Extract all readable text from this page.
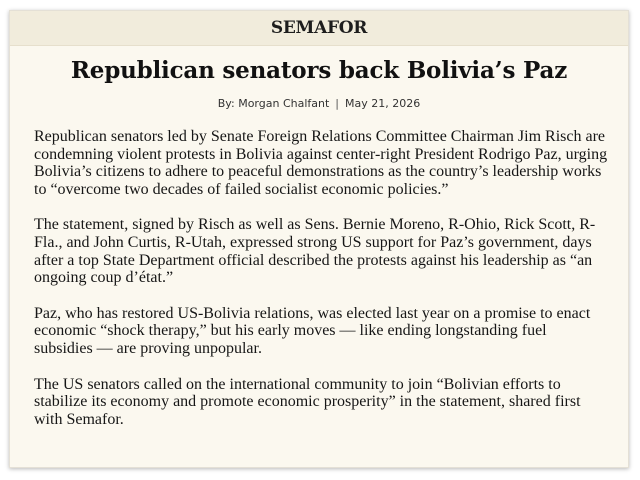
SEMAFOR
Republican senators back Bolivia’s Paz
By: Morgan Chalfant | May 21, 2026

Republican senators led by Senate Foreign Relations Committee Chairman Jim Risch are condemning violent protests in Bolivia against center-right President Rodrigo Paz, urging Bolivia’s citizens to adhere to peaceful demonstrations as the country’s leadership works to “overcome two decades of failed socialist economic policies.”

The statement, signed by Risch as well as Sens. Bernie Moreno, R-Ohio, Rick Scott, R-Fla., and John Curtis, R-Utah, expressed strong US support for Paz’s government, days after a top State Department official described the protests against his leadership as “an ongoing coup d’état.”

Paz, who has restored US-Bolivia relations, was elected last year on a promise to enact economic “shock therapy,” but his early moves — like ending longstanding fuel subsidies — are proving unpopular.

The US senators called on the international community to join “Bolivian efforts to stabilize its economy and promote economic prosperity” in the statement, shared first with Semafor.
